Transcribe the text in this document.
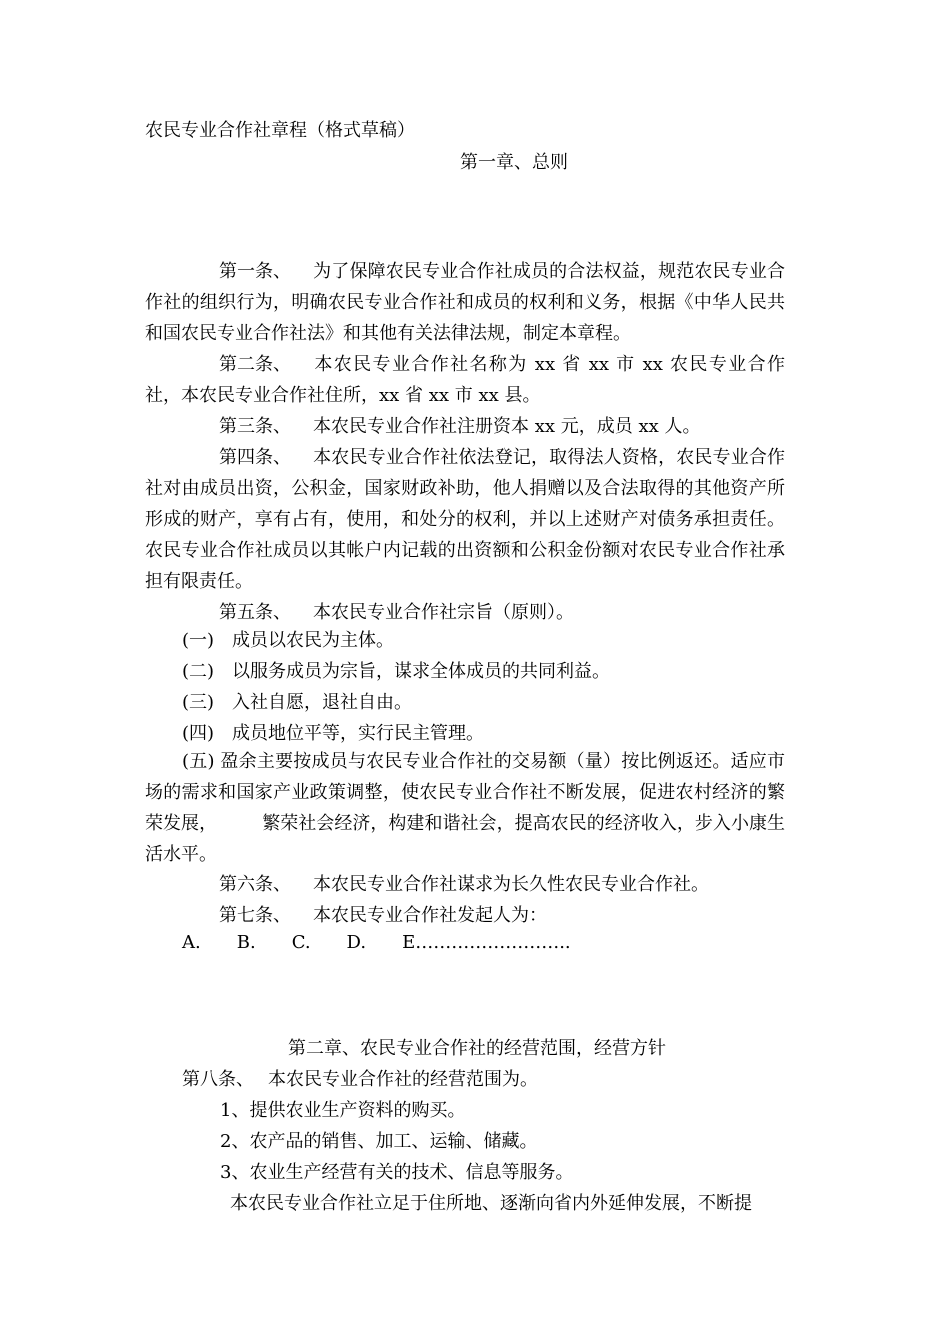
农民专业合作社章程（格式草稿）
第一章、总则
第一条、 为了保障农民专业合作社成员的合法权益，规范农民专业合作社的组织行为，明确农民专业合作社和成员的权利和义务，根据《中华人民共和国农民专业合作社法》和其他有关法律法规，制定本章程。
第二条、 本农民专业合作社名称为 xx 省 xx 市 xx 农民专业合作社，本农民专业合作社住所，xx 省 xx 市 xx 县。
第三条、 本农民专业合作社注册资本 xx 元，成员 xx 人。
第四条、 本农民专业合作社依法登记，取得法人资格，农民专业合作社对由成员出资，公积金，国家财政补助，他人捐赠以及合法取得的其他资产所形成的财产，享有占有，使用，和处分的权利，并以上述财产对债务承担责任。农民专业合作社成员以其帐户内记载的出资额和公积金份额对农民专业合作社承担有限责任。
第五条、 本农民专业合作社宗旨（原则）。
(一) 成员以农民为主体。
(二) 以服务成员为宗旨，谋求全体成员的共同利益。
(三) 入社自愿，退社自由。
(四) 成员地位平等，实行民主管理。
(五) 盈余主要按成员与农民专业合作社的交易额（量）按比例返还。适应市场的需求和国家产业政策调整，使农民专业合作社不断发展，促进农村经济的繁荣发展，　　　繁荣社会经济，构建和谐社会，提高农民的经济收入，步入小康生活水平。
第六条、 本农民专业合作社谋求为长久性农民专业合作社。
第七条、 本农民专业合作社发起人为：
A. B. C. D. E……………………..
第二章、农民专业合作社的经营范围，经营方针
第八条、 本农民专业合作社的经营范围为。
1、提供农业生产资料的购买。
2、农产品的销售、加工、运输、储藏。
3、农业生产经营有关的技术、信息等服务。
本农民专业合作社立足于住所地、逐渐向省内外延伸发展，不断提
